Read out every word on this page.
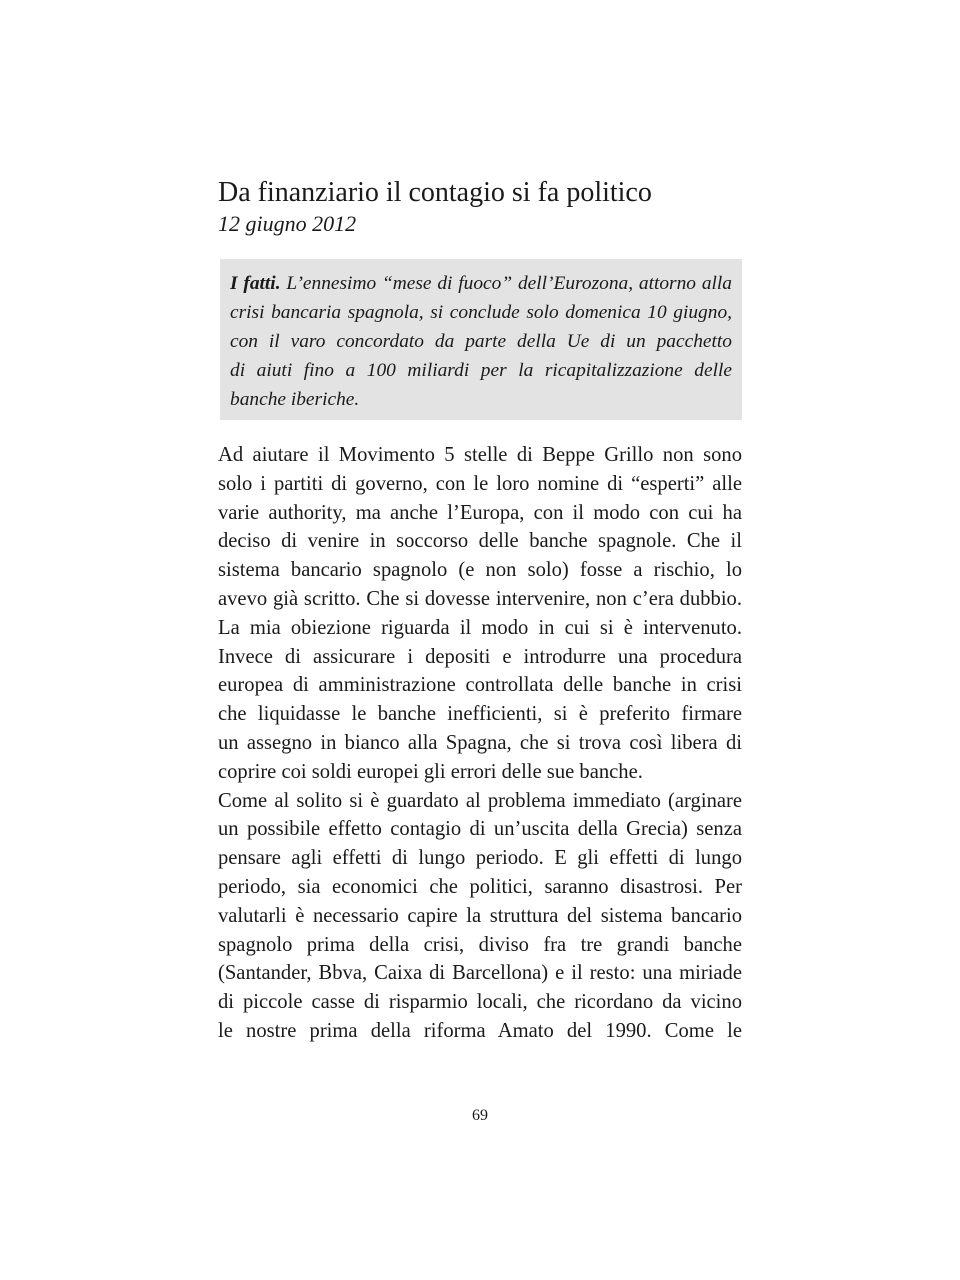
Da finanziario il contagio si fa politico
12 giugno 2012
I fatti. L’ennesimo “mese di fuoco” dell’Eurozona, attorno alla
crisi bancaria spagnola, si conclude solo domenica 10 giugno,
con il varo concordato da parte della Ue di un pacchetto
di aiuti fino a 100 miliardi per la ricapitalizzazione delle
banche iberiche.
Ad aiutare il Movimento 5 stelle di Beppe Grillo non sono
solo i partiti di governo, con le loro nomine di “esperti” alle
varie authority, ma anche l’Europa, con il modo con cui ha
deciso di venire in soccorso delle banche spagnole. Che il
sistema bancario spagnolo (e non solo) fosse a rischio, lo
avevo già scritto. Che si dovesse intervenire, non c’era dubbio.
La mia obiezione riguarda il modo in cui si è intervenuto.
Invece di assicurare i depositi e introdurre una procedura
europea di amministrazione controllata delle banche in crisi
che liquidasse le banche inefficienti, si è preferito firmare
un assegno in bianco alla Spagna, che si trova così libera di
coprire coi soldi europei gli errori delle sue banche.
Come al solito si è guardato al problema immediato (arginare
un possibile effetto contagio di un’uscita della Grecia) senza
pensare agli effetti di lungo periodo. E gli effetti di lungo
periodo, sia economici che politici, saranno disastrosi. Per
valutarli è necessario capire la struttura del sistema bancario
spagnolo prima della crisi, diviso fra tre grandi banche
(Santander, Bbva, Caixa di Barcellona) e il resto: una miriade
di piccole casse di risparmio locali, che ricordano da vicino
le nostre prima della riforma Amato del 1990. Come le
69
